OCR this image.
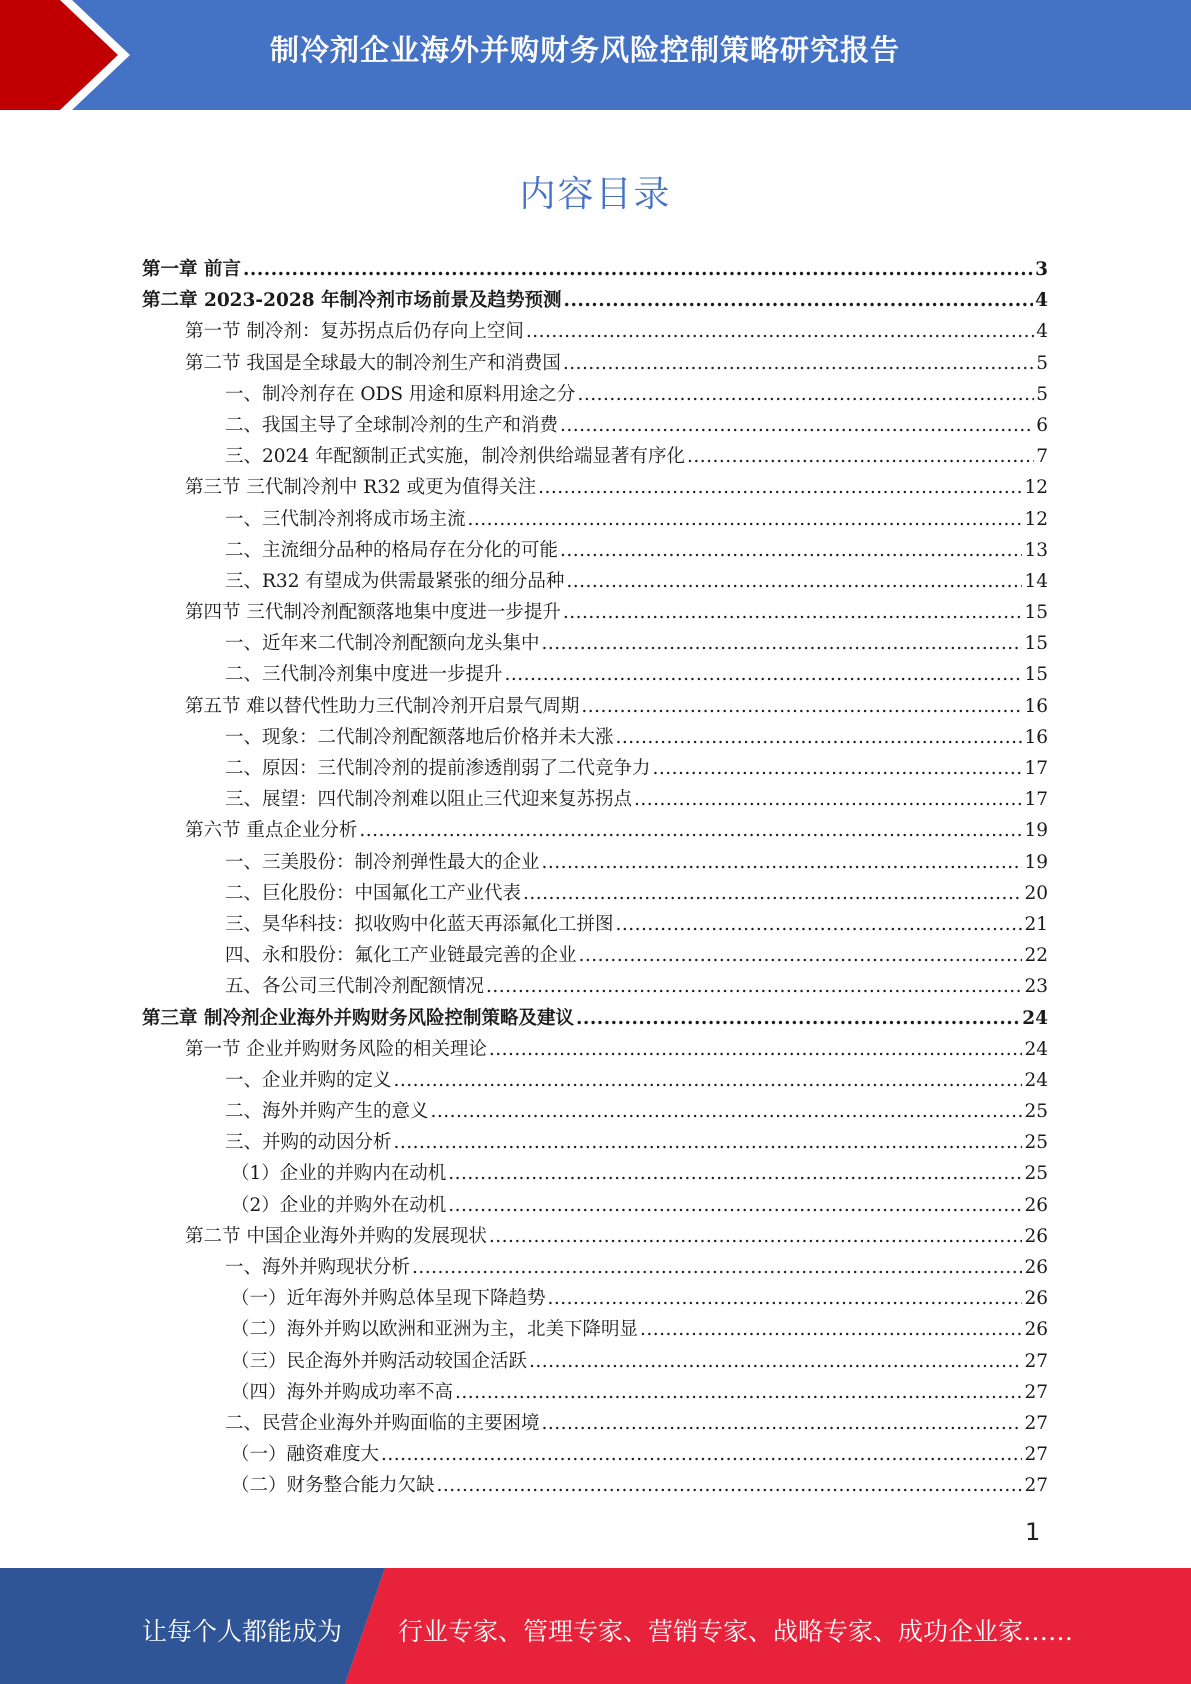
制冷剂企业海外并购财务风险控制策略研究报告
内容目录
第一章 前言 .....	3
第二章 2023-2028 年制冷剂市场前景及趋势预测 .....	4
第一节 制冷剂：复苏拐点后仍存向上空间 .....	4
第二节 我国是全球最大的制冷剂生产和消费国 .....	5
一、制冷剂存在 ODS 用途和原料用途之分 .....	5
二、我国主导了全球制冷剂的生产和消费 .....	6
三、2024 年配额制正式实施，制冷剂供给端显著有序化 .....	7
第三节 三代制冷剂中 R32 或更为值得关注 .....	12
一、三代制冷剂将成市场主流 .....	12
二、主流细分品种的格局存在分化的可能 .....	13
三、R32 有望成为供需最紧张的细分品种 .....	14
第四节 三代制冷剂配额落地集中度进一步提升 .....	15
一、近年来二代制冷剂配额向龙头集中 .....	15
二、三代制冷剂集中度进一步提升 .....	15
第五节 难以替代性助力三代制冷剂开启景气周期 .....	16
一、现象：二代制冷剂配额落地后价格并未大涨 .....	16
二、原因：三代制冷剂的提前渗透削弱了二代竞争力 .....	17
三、展望：四代制冷剂难以阻止三代迎来复苏拐点 .....	17
第六节 重点企业分析 .....	19
一、三美股份：制冷剂弹性最大的企业 .....	19
二、巨化股份：中国氟化工产业代表 .....	20
三、昊华科技：拟收购中化蓝天再添氟化工拼图 .....	21
四、永和股份：氟化工产业链最完善的企业 .....	22
五、各公司三代制冷剂配额情况 .....	23
第三章 制冷剂企业海外并购财务风险控制策略及建议 .....	24
第一节 企业并购财务风险的相关理论 .....	24
一、企业并购的定义 .....	24
二、海外并购产生的意义 .....	25
三、并购的动因分析 .....	25
（1）企业的并购内在动机 .....	25
（2）企业的并购外在动机 .....	26
第二节 中国企业海外并购的发展现状 .....	26
一、海外并购现状分析 .....	26
（一）近年海外并购总体呈现下降趋势 .....	26
（二）海外并购以欧洲和亚洲为主，北美下降明显 .....	26
（三）民企海外并购活动较国企活跃 .....	27
（四）海外并购成功率不高 .....	27
二、民营企业海外并购面临的主要困境 .....	27
（一）融资难度大 .....	27
（二）财务整合能力欠缺 .....	27
1
让每个人都能成为 行业专家、管理专家、营销专家、战略专家、成功企业家……
